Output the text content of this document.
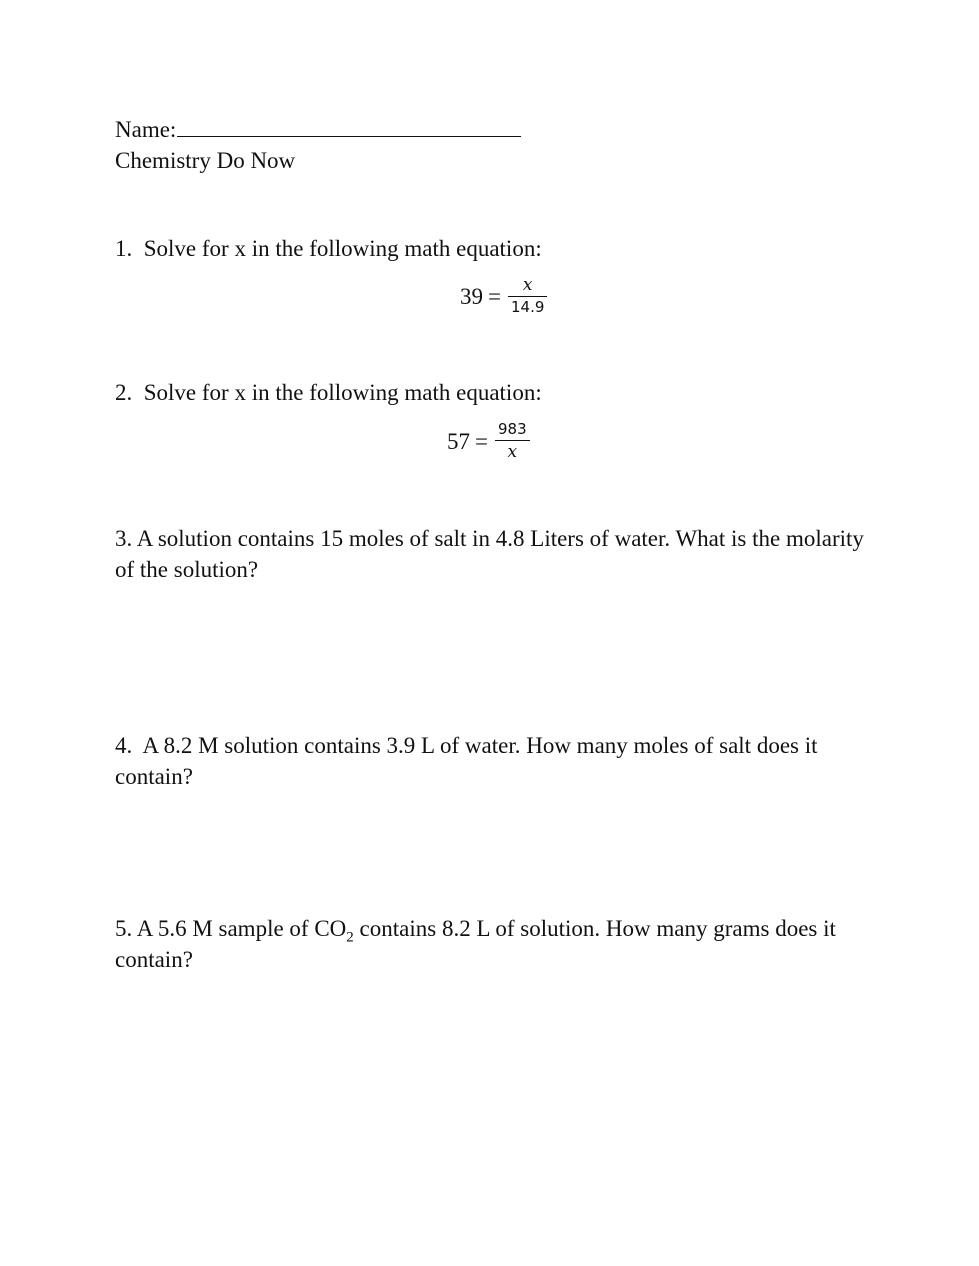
Name:
Chemistry Do Now
1. Solve for x in the following math equation:
$39 = \frac{x}{14.9}$
2. Solve for x in the following math equation:
$57 = \frac{983}{x}$
3. A solution contains 15 moles of salt in 4.8 Liters of water. What is the molarity of the solution?
4. A 8.2 M solution contains 3.9 L of water. How many moles of salt does it contain?
5. A 5.6 M sample of $CO_2$ contains 8.2 L of solution. How many grams does it contain?
